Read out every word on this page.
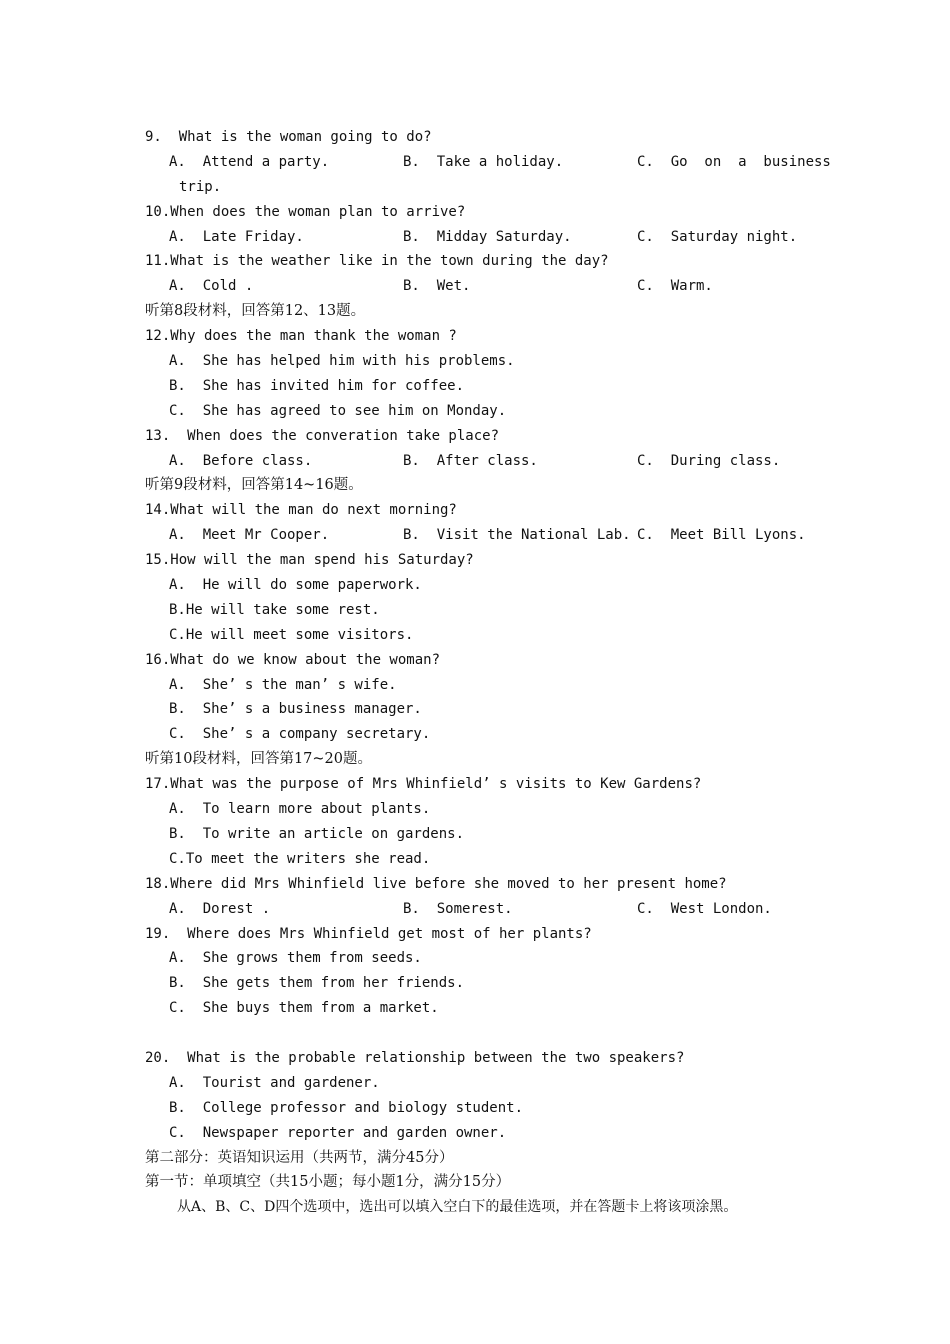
9.  What is the woman going to do?
A.  Attend a party.	B.  Take a holiday.	C.  Go  on  a  business
trip.
10.When does the woman plan to arrive?
A.  Late Friday.	B.  Midday Saturday.	C.  Saturday night.
11.What is the weather like in the town during the day?
A.  Cold .	B.  Wet.	C.  Warm.
听第8段材料，回答第12、13题。
12.Why does the man thank the woman ?
A.  She has helped him with his problems.
B.  She has invited him for coffee.
C.  She has agreed to see him on Monday.
13.  When does the converation take place?
A.  Before class.	B.  After class.	C.  During class.
听第9段材料，回答第14~16题。
14.What will the man do next morning?
A.  Meet Mr Cooper.	B.  Visit the National Lab. C.  Meet Bill Lyons.
15.How will the man spend his Saturday?
A.  He will do some paperwork.
B.He will take some rest.
C.He will meet some visitors.
16.What do we know about the woman?
A.  She’ s the man’ s wife.
B.  She’ s a business manager.
C.  She’ s a company secretary.
听第10段材料，回答第17~20题。
17.What was the purpose of Mrs Whinfield’ s visits to Kew Gardens?
A.  To learn more about plants.
B.  To write an article on gardens.
C.To meet the writers she read.
18.Where did Mrs Whinfield live before she moved to her present home?
A.  Dorest .	B.  Somerest.	C.  West London.
19.  Where does Mrs Whinfield get most of her plants?
A.  She grows them from seeds.
B.  She gets them from her friends.
C.  She buys them from a market.
20.  What is the probable relationship between the two speakers?
A.  Tourist and gardener.
B.  College professor and biology student.
C.  Newspaper reporter and garden owner.
第二部分：英语知识运用（共两节，满分45分）
第一节：单项填空（共15小题；每小题1分，满分15分）
从A、B、C、D四个选项中，选出可以填入空白下的最佳选项，并在答题卡上将该项涂黑。
